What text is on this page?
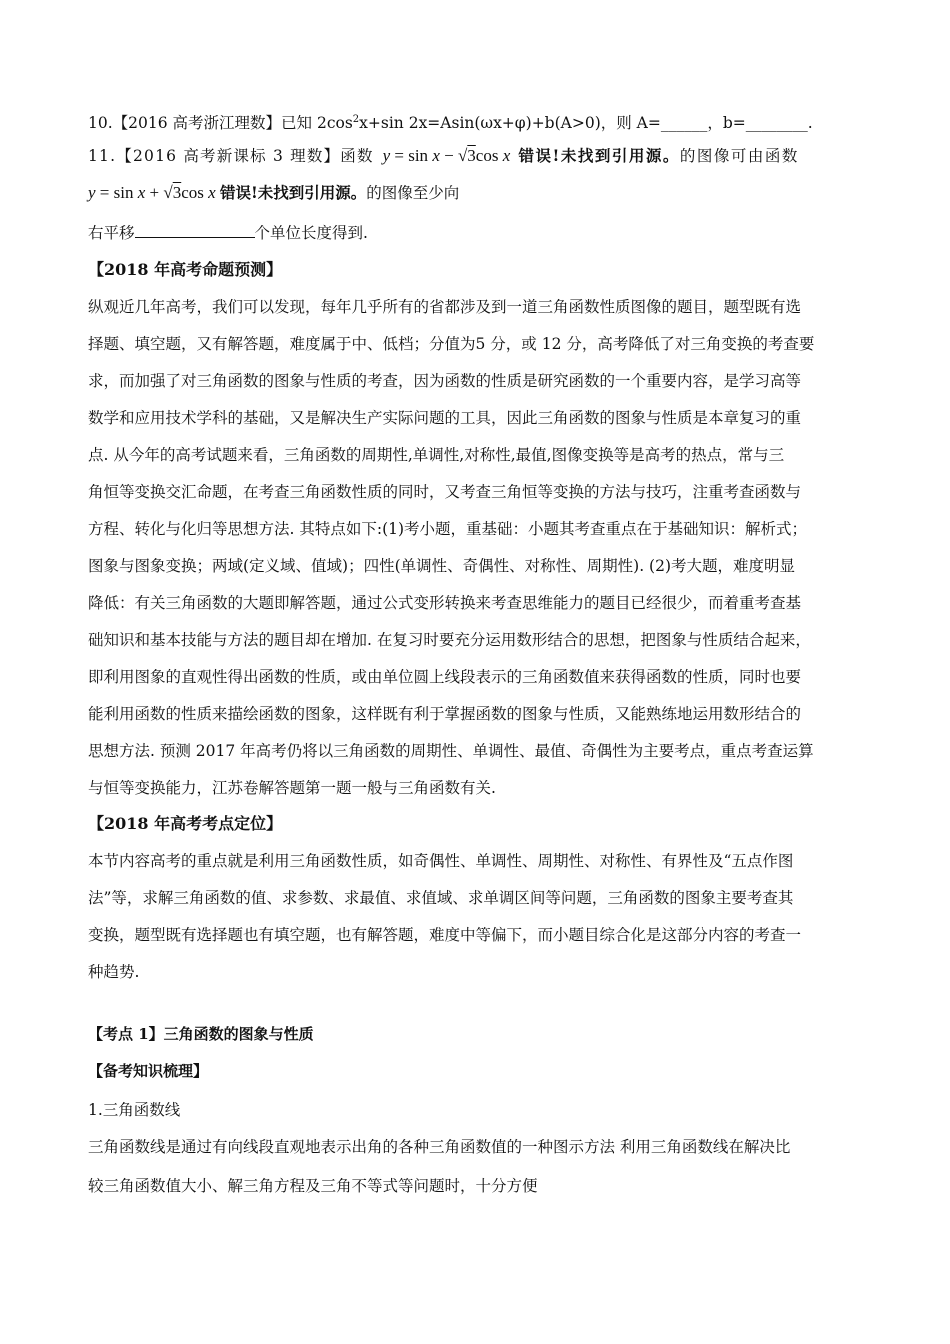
10.【2016 高考浙江理数】已知 $2\cos^2x+\sin$ 2x=Asin(ωx+φ)+b(A>0)，则 A=______，b=________.
11.【2016 高考新课标 3 理数】函数 y = sin x − √3cos x 错误!未找到引用源。的图像可由函数
y = sin x + √3cos x 错误!未找到引用源。的图像至少向
右平移	个单位长度得到.
【2018 年高考命题预测】
纵观近几年高考，我们可以发现，每年几乎所有的省都涉及到一道三角函数性质图像的题目，题型既有选
择题、填空题，又有解答题，难度属于中、低档；分值为5 分，或 12 分，高考降低了对三角变换的考查要
求，而加强了对三角函数的图象与性质的考查，因为函数的性质是研究函数的一个重要内容，是学习高等
数学和应用技术学科的基础，又是解决生产实际问题的工具，因此三角函数的图象与性质是本章复习的重
点. 从今年的高考试题来看，三角函数的周期性,单调性,对称性,最值,图像变换等是高考的热点，常与三
角恒等变换交汇命题，在考查三角函数性质的同时，又考查三角恒等变换的方法与技巧，注重考查函数与
方程、转化与化归等思想方法. 其特点如下:(1)考小题，重基础：小题其考查重点在于基础知识：解析式；
图象与图象变换；两域(定义域、值域)；四性(单调性、奇偶性、对称性、周期性). (2)考大题，难度明显
降低：有关三角函数的大题即解答题，通过公式变形转换来考查思维能力的题目已经很少，而着重考查基
础知识和基本技能与方法的题目却在增加. 在复习时要充分运用数形结合的思想，把图象与性质结合起来，
即利用图象的直观性得出函数的性质，或由单位圆上线段表示的三角函数值来获得函数的性质，同时也要
能利用函数的性质来描绘函数的图象，这样既有利于掌握函数的图象与性质，又能熟练地运用数形结合的
思想方法. 预测 2017 年高考仍将以三角函数的周期性、单调性、最值、奇偶性为主要考点，重点考查运算
与恒等变换能力，江苏卷解答题第一题一般与三角函数有关.
【2018 年高考考点定位】
本节内容高考的重点就是利用三角函数性质，如奇偶性、单调性、周期性、对称性、有界性及“五点作图
法”等，求解三角函数的值、求参数、求最值、求值域、求单调区间等问题，三角函数的图象主要考查其
变换，题型既有选择题也有填空题，也有解答题，难度中等偏下，而小题目综合化是这部分内容的考查一
种趋势.
【考点 1】三角函数的图象与性质
【备考知识梳理】
1.三角函数线
三角函数线是通过有向线段直观地表示出角的各种三角函数值的一种图示方法 利用三角函数线在解决比
较三角函数值大小、解三角方程及三角不等式等问题时，十分方便
